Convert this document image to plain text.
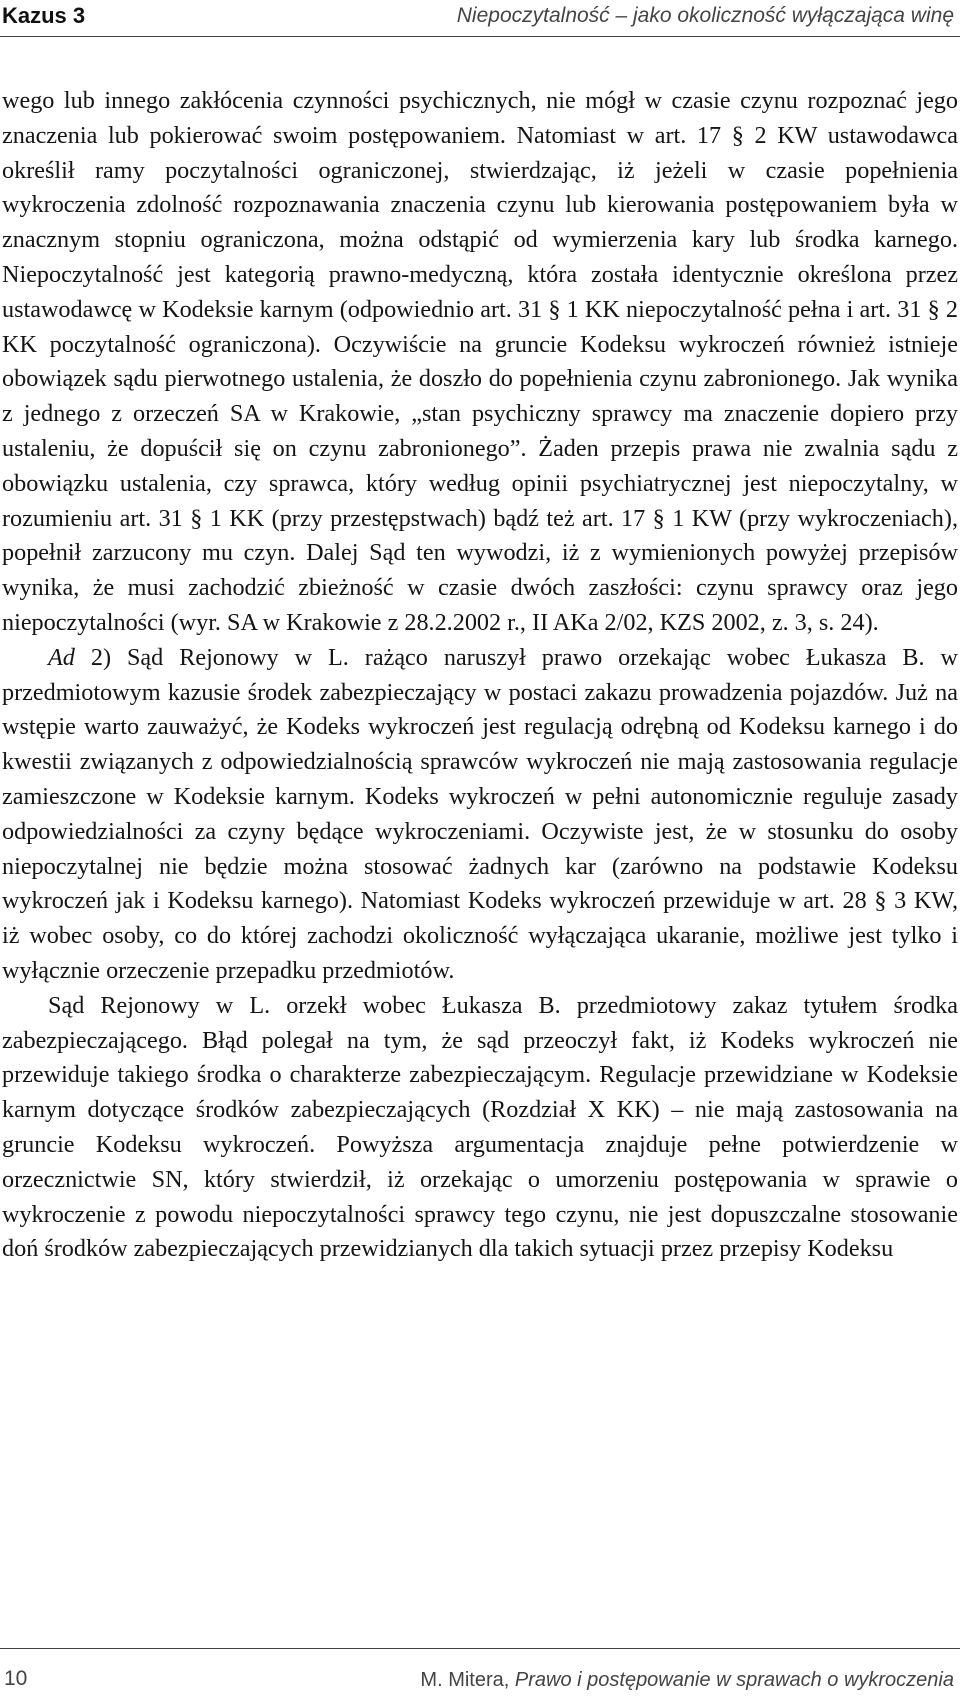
Kazus 3	Niepoczytalność – jako okoliczność wyłączająca winę

wego lub innego zakłócenia czynności psychicznych, nie mógł w czasie czynu rozpoznać jego znaczenia lub pokierować swoim postępowaniem. Natomiast w art. 17 § 2 KW ustawodawca określił ramy poczytalności ograniczonej, stwierdzając, iż jeżeli w czasie popełnienia wykroczenia zdolność rozpoznawania znaczenia czynu lub kierowania postępowaniem była w znacznym stopniu ograniczona, można odstąpić od wymierzenia kary lub środka karnego. Niepoczytalność jest kategorią prawno-medyczną, która została identycznie określona przez ustawodawcę w Kodeksie karnym (odpowiednio art. 31 § 1 KK niepoczytalność pełna i art. 31 § 2 KK poczytalność ograniczona). Oczywiście na gruncie Kodeksu wykroczeń również istnieje obowiązek sądu pierwotnego ustalenia, że doszło do popełnienia czynu zabronionego. Jak wynika z jednego z orzeczeń SA w Krakowie, „stan psychiczny sprawcy ma znaczenie dopiero przy ustaleniu, że dopuścił się on czynu zabronionego”. Żaden przepis prawa nie zwalnia sądu z obowiązku ustalenia, czy sprawca, który według opinii psychiatrycznej jest niepoczytalny, w rozumieniu art. 31 § 1 KK (przy przestępstwach) bądź też art. 17 § 1 KW (przy wykroczeniach), popełnił zarzucony mu czyn. Dalej Sąd ten wywodzi, iż z wymienionych powyżej przepisów wynika, że musi zachodzić zbieżność w czasie dwóch zaszłości: czynu sprawcy oraz jego niepoczytalności (wyr. SA w Krakowie z 28.2.2002 r., II AKa 2/02, KZS 2002, z. 3, s. 24).

Ad 2) Sąd Rejonowy w L. rażąco naruszył prawo orzekając wobec Łukasza B. w przedmiotowym kazusie środek zabezpieczający w postaci zakazu prowadzenia pojazdów. Już na wstępie warto zauważyć, że Kodeks wykroczeń jest regulacją odrębną od Kodeksu karnego i do kwestii związanych z odpowiedzialnością sprawców wykroczeń nie mają zastosowania regulacje zamieszczone w Kodeksie karnym. Kodeks wykroczeń w pełni autonomicznie reguluje zasady odpowiedzialności za czyny będące wykroczeniami. Oczywiste jest, że w stosunku do osoby niepoczytalnej nie będzie można stosować żadnych kar (zarówno na podstawie Kodeksu wykroczeń jak i Kodeksu karnego). Natomiast Kodeks wykroczeń przewiduje w art. 28 § 3 KW, iż wobec osoby, co do której zachodzi okoliczność wyłączająca ukaranie, możliwe jest tylko i wyłącznie orzeczenie przepadku przedmiotów.

Sąd Rejonowy w L. orzekł wobec Łukasza B. przedmiotowy zakaz tytułem środka zabezpieczającego. Błąd polegał na tym, że sąd przeoczył fakt, iż Kodeks wykroczeń nie przewiduje takiego środka o charakterze zabezpieczającym. Regulacje przewidziane w Kodeksie karnym dotyczące środków zabezpieczających (Rozdział X KK) – nie mają zastosowania na gruncie Kodeksu wykroczeń. Powyższa argumentacja znajduje pełne potwierdzenie w orzecznictwie SN, który stwierdził, iż orzekając o umorzeniu postępowania w sprawie o wykroczenie z powodu niepoczytalności sprawcy tego czynu, nie jest dopuszczalne stosowanie doń środków zabezpieczających przewidzianych dla takich sytuacji przez przepisy Kodeksu

10	M. Mitera, Prawo i postępowanie w sprawach o wykroczenia
